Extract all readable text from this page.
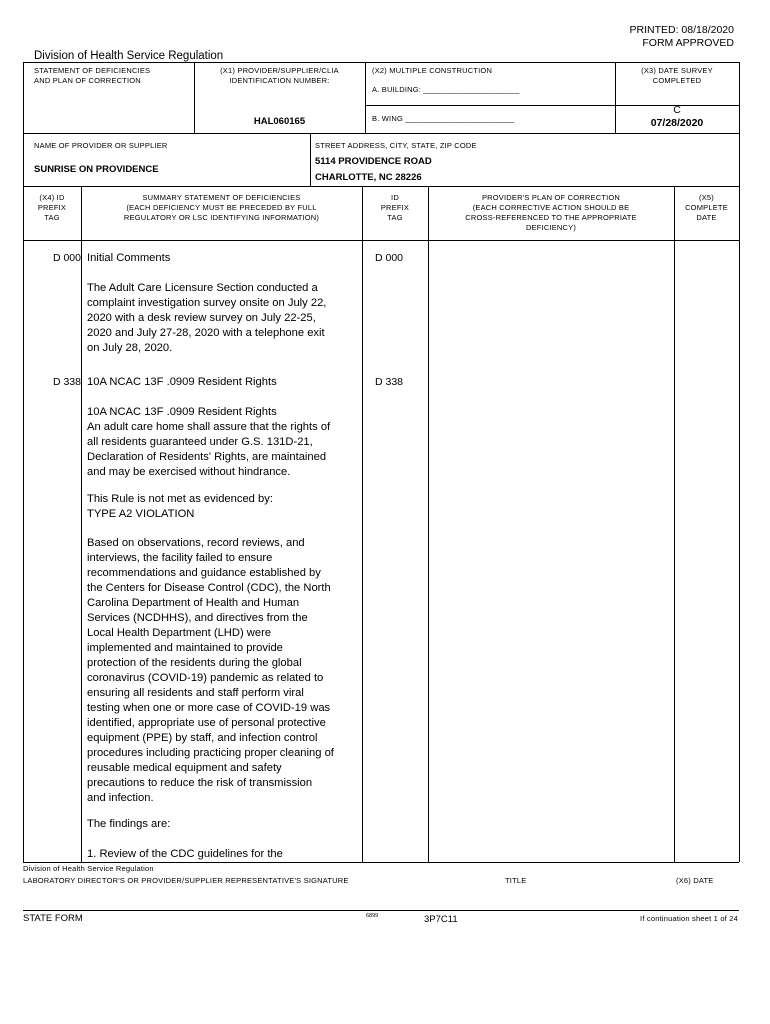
PRINTED: 08/18/2020
FORM APPROVED
Division of Health Service Regulation
STATEMENT OF DEFICIENCIES
AND PLAN OF CORRECTION
(X1) PROVIDER/SUPPLIER/CLIA
IDENTIFICATION NUMBER:
HAL060165
(X2) MULTIPLE CONSTRUCTION
A. BUILDING: ______________________
B. WING _________________________
(X3) DATE SURVEY
COMPLETED
C
07/28/2020
NAME OF PROVIDER OR SUPPLIER
SUNRISE ON PROVIDENCE
STREET ADDRESS, CITY, STATE, ZIP CODE
5114 PROVIDENCE ROAD
CHARLOTTE, NC 28226
(X4) ID
PREFIX
TAG
SUMMARY STATEMENT OF DEFICIENCIES
(EACH DEFICIENCY MUST BE PRECEDED BY FULL
REGULATORY OR LSC IDENTIFYING INFORMATION)
ID
PREFIX
TAG
PROVIDER'S PLAN OF CORRECTION
(EACH CORRECTIVE ACTION SHOULD BE
CROSS-REFERENCED TO THE APPROPRIATE
DEFICIENCY)
(X5)
COMPLETE
DATE
D 000 Initial Comments	D 000
The Adult Care Licensure Section conducted a
complaint investigation survey onsite on July 22,
2020 with a desk review survey on July 22-25,
2020 and July 27-28, 2020 with a telephone exit
on July 28, 2020.
D 338 10A NCAC 13F .0909 Resident Rights	D 338
10A NCAC 13F .0909 Resident Rights
An adult care home shall assure that the rights of
all residents guaranteed under G.S. 131D-21,
Declaration of Residents' Rights, are maintained
and may be exercised without hindrance.
This Rule is not met as evidenced by:
TYPE A2 VIOLATION
Based on observations, record reviews, and
interviews, the facility failed to ensure
recommendations and guidance established by
the Centers for Disease Control (CDC), the North
Carolina Department of Health and Human
Services (NCDHHS), and directives from the
Local Health Department (LHD) were
implemented and maintained to provide
protection of the residents during the global
coronavirus (COVID-19) pandemic as related to
ensuring all residents and staff perform viral
testing when one or more case of COVID-19 was
identified, appropriate use of personal protective
equipment (PPE) by staff, and infection control
procedures including practicing proper cleaning of
reusable medical equipment and safety
precautions to reduce the risk of transmission
and infection.
The findings are:
1. Review of the CDC guidelines for the
Division of Health Service Regulation
LABORATORY DIRECTOR'S OR PROVIDER/SUPPLIER REPRESENTATIVE'S SIGNATURE	TITLE	(X6) DATE
STATE FORM	6899	3P7C11	If continuation sheet 1 of 24
